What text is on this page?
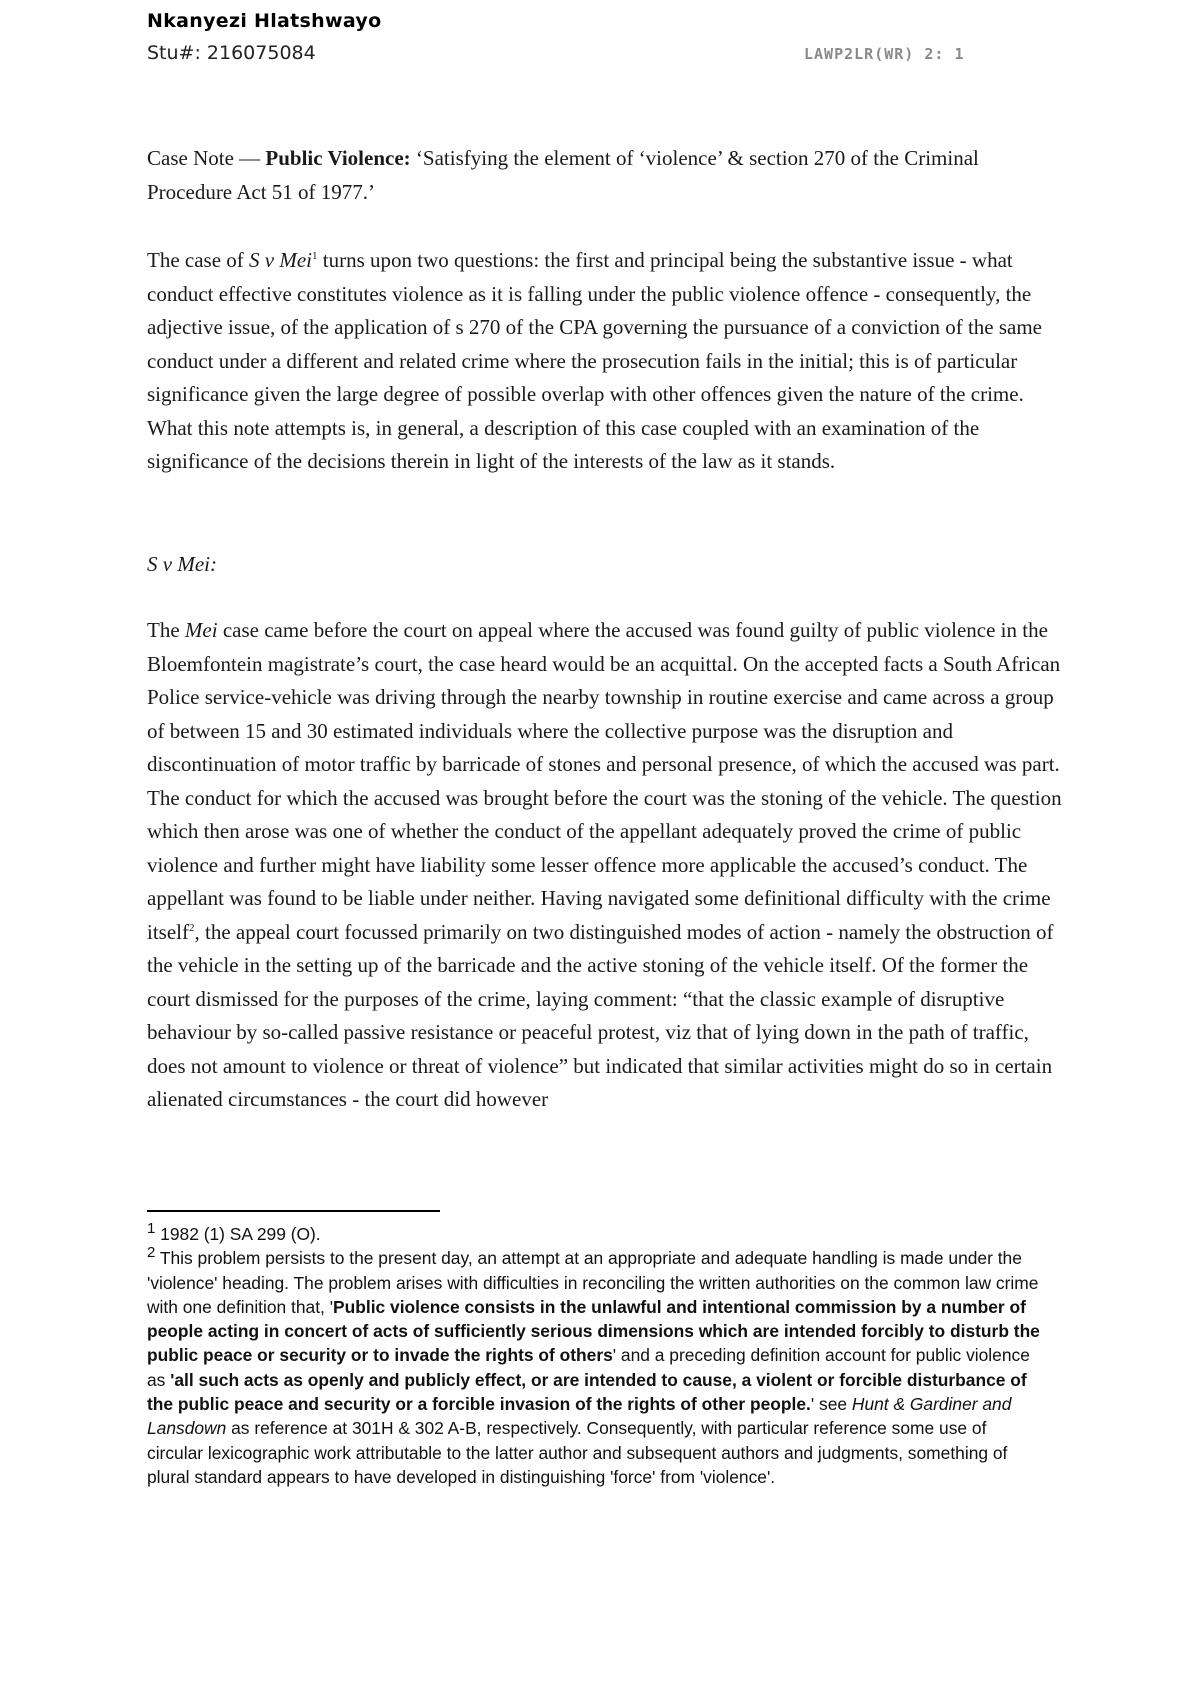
Nkanyezi Hlatshwayo
Stu#: 216075084	LAWP2LR(WR) 2: 1

Case Note — Public Violence: ‘Satisfying the element of ‘violence’ & section 270 of the Criminal Procedure Act 51 of 1977.’

The case of S v Mei$^1$ turns upon two questions: the first and principal being the substantive issue - what conduct effective constitutes violence as it is falling under the public violence offence - consequently, the adjective issue, of the application of s 270 of the CPA governing the pursuance of a conviction of the same conduct under a different and related crime where the prosecution fails in the initial; this is of particular significance given the large degree of possible overlap with other offences given the nature of the crime. What this note attempts is, in general, a description of this case coupled with an examination of the significance of the decisions therein in light of the interests of the law as it stands.

S v Mei:

The Mei case came before the court on appeal where the accused was found guilty of public violence in the Bloemfontein magistrate’s court, the case heard would be an acquittal. On the accepted facts a South African Police service-vehicle was driving through the nearby township in routine exercise and came across a group of between 15 and 30 estimated individuals where the collective purpose was the disruption and discontinuation of motor traffic by barricade of stones and personal presence, of which the accused was part. The conduct for which the accused was brought before the court was the stoning of the vehicle. The question which then arose was one of whether the conduct of the appellant adequately proved the crime of public violence and further might have liability some lesser offence more applicable the accused’s conduct. The appellant was found to be liable under neither. Having navigated some definitional difficulty with the crime itself$^2$, the appeal court focussed primarily on two distinguished modes of action - namely the obstruction of the vehicle in the setting up of the barricade and the active stoning of the vehicle itself. Of the former the court dismissed for the purposes of the crime, laying comment: “that the classic example of disruptive behaviour by so-called passive resistance or peaceful protest, viz that of lying down in the path of traffic, does not amount to violence or threat of violence” but indicated that similar activities might do so in certain alienated circumstances - the court did however

$^1$ 1982 (1) SA 299 (O).

$^2$ This problem persists to the present day, an attempt at an appropriate and adequate handling is made under the 'violence' heading. The problem arises with difficulties in reconciling the written authorities on the common law crime with one definition that, 'Public violence consists in the unlawful and intentional commission by a number of people acting in concert of acts of sufficiently serious dimensions which are intended forcibly to disturb the public peace or security or to invade the rights of others' and a preceding definition account for public violence as 'all such acts as openly and publicly effect, or are intended to cause, a violent or forcible disturbance of the public peace and security or a forcible invasion of the rights of other people.' see Hunt & Gardiner and Lansdown as reference at 301H & 302 A-B, respectively. Consequently, with particular reference some use of circular lexicographic work attributable to the latter author and subsequent authors and judgments, something of plural standard appears to have developed in distinguishing 'force' from 'violence'.
